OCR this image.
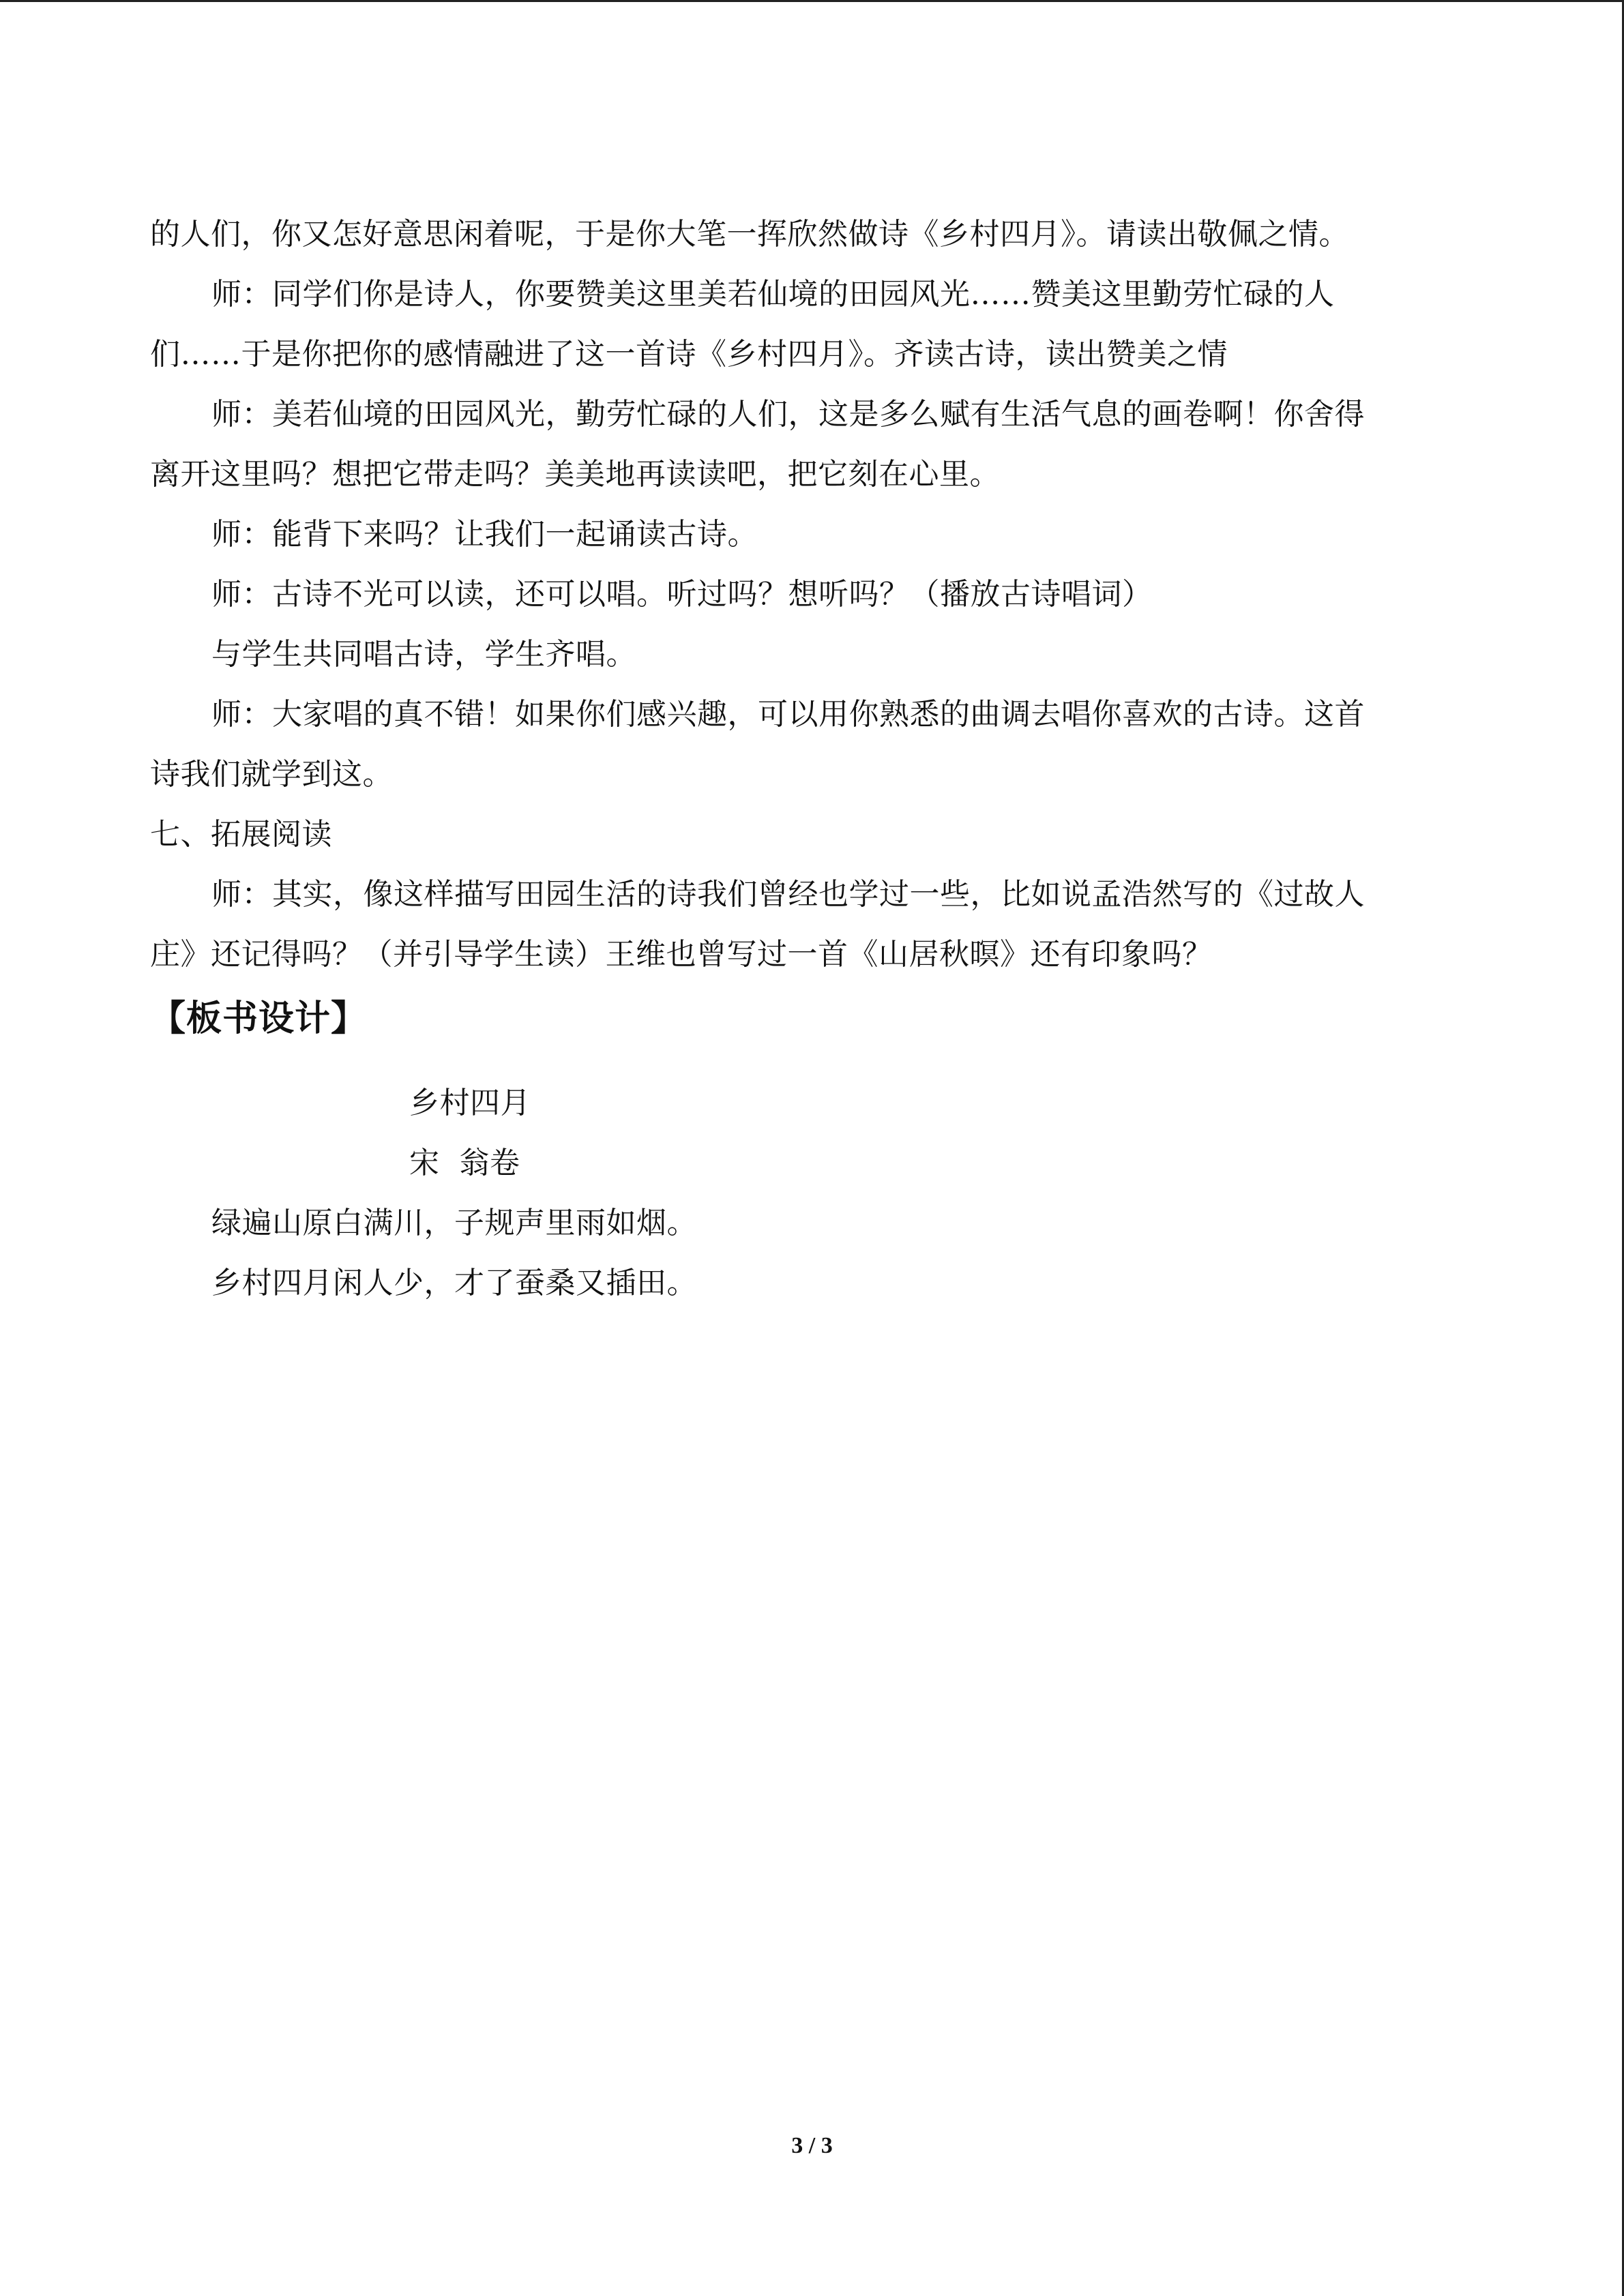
的人们，你又怎好意思闲着呢，于是你大笔一挥欣然做诗《乡村四月》。请读出敬佩之情。
师：同学们你是诗人，你要赞美这里美若仙境的田园风光……赞美这里勤劳忙碌的人
们……于是你把你的感情融进了这一首诗《乡村四月》。齐读古诗，读出赞美之情
师：美若仙境的田园风光，勤劳忙碌的人们，这是多么赋有生活气息的画卷啊！你舍得
离开这里吗？想把它带走吗？美美地再读读吧，把它刻在心里。
师：能背下来吗？让我们一起诵读古诗。
师：古诗不光可以读，还可以唱。听过吗？想听吗？（播放古诗唱词）
与学生共同唱古诗，学生齐唱。
师：大家唱的真不错！如果你们感兴趣，可以用你熟悉的曲调去唱你喜欢的古诗。这首
诗我们就学到这。
七、拓展阅读
师：其实，像这样描写田园生活的诗我们曾经也学过一些，比如说孟浩然写的《过故人
庄》还记得吗？（并引导学生读）王维也曾写过一首《山居秋暝》还有印象吗？
【板书设计】
乡村四月
宋  翁卷
绿遍山原白满川，子规声里雨如烟。
乡村四月闲人少，才了蚕桑又插田。
3 / 3
